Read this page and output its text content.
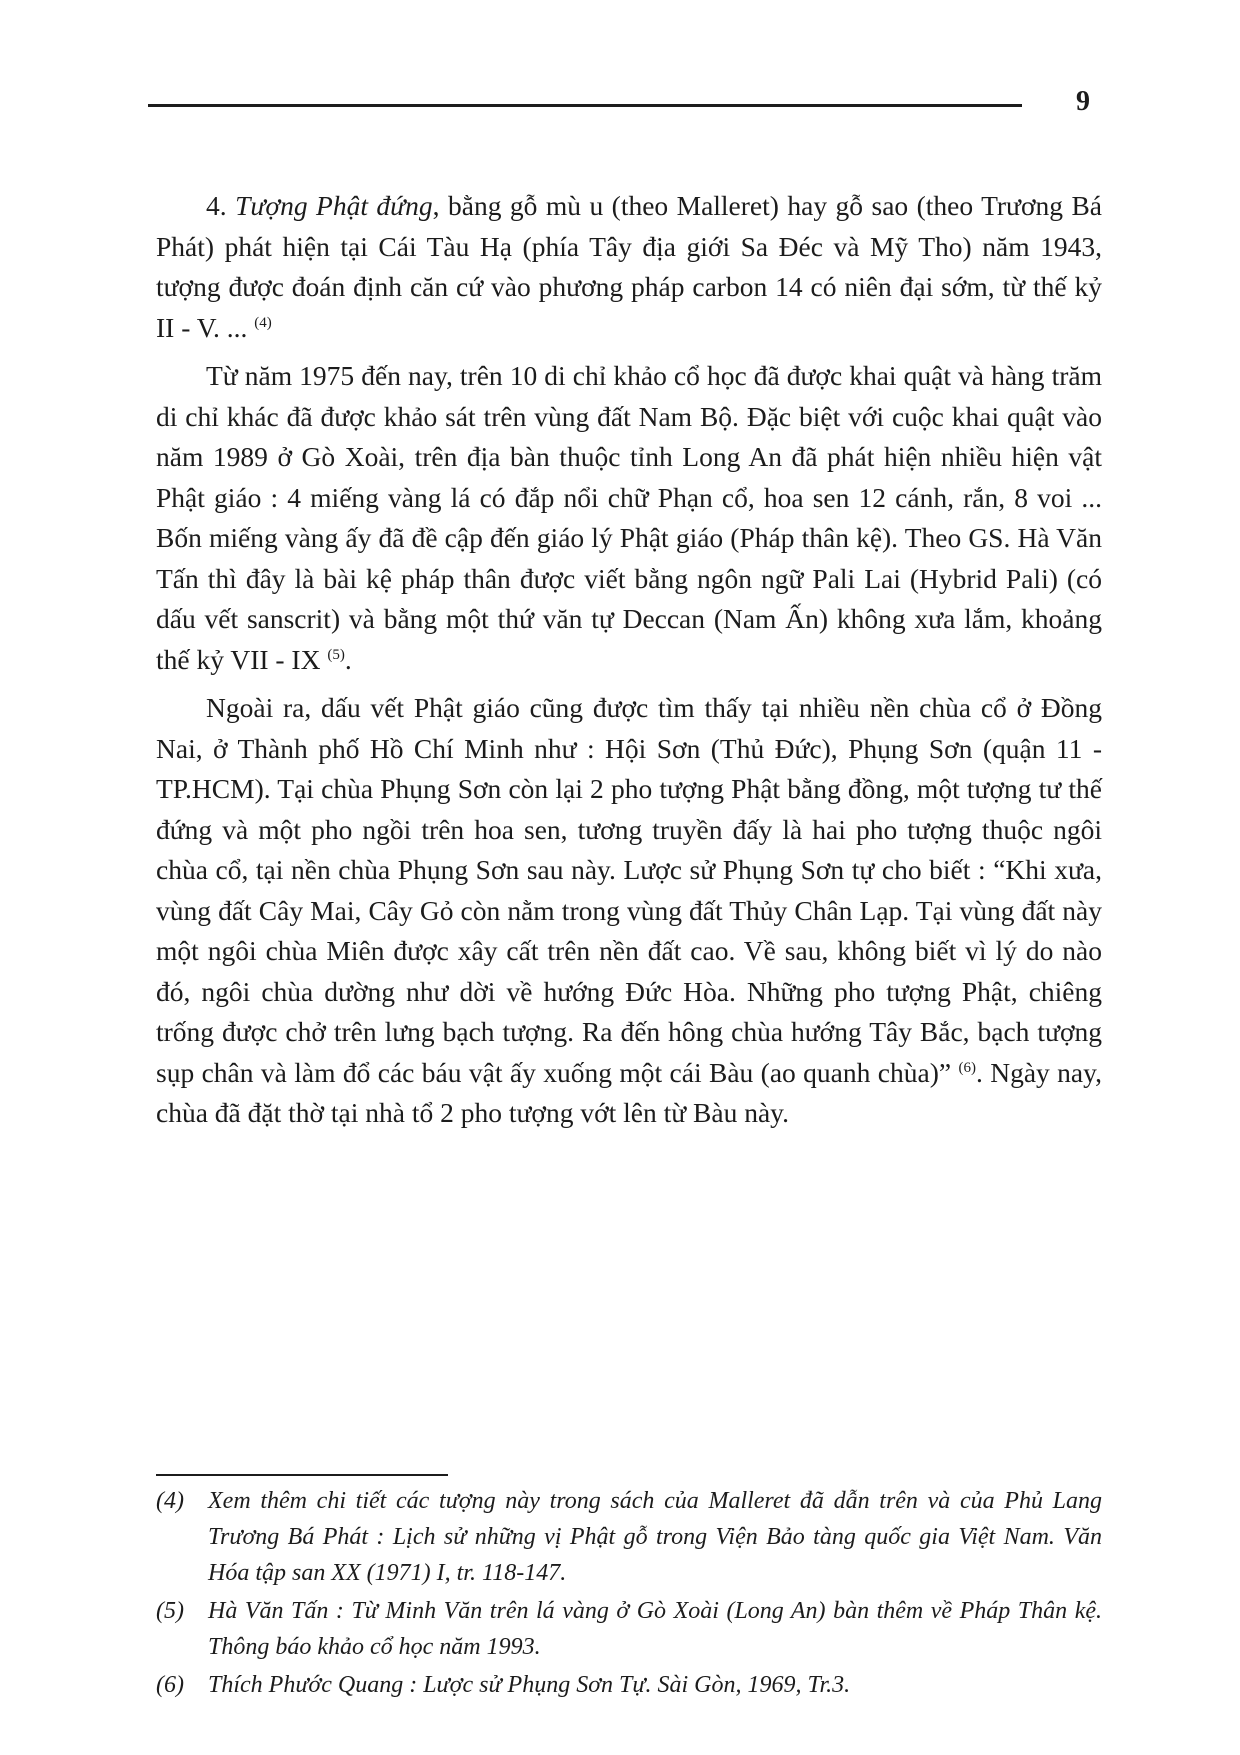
9

4. Tượng Phật đứng, bằng gỗ mù u (theo Malleret) hay gỗ sao (theo Trương Bá Phát) phát hiện tại Cái Tàu Hạ (phía Tây địa giới Sa Đéc và Mỹ Tho) năm 1943, tượng được đoán định căn cứ vào phương pháp carbon 14 có niên đại sớm, từ thế kỷ II - V. ... $^{(4)}$

Từ năm 1975 đến nay, trên 10 di chỉ khảo cổ học đã được khai quật và hàng trăm di chỉ khác đã được khảo sát trên vùng đất Nam Bộ. Đặc biệt với cuộc khai quật vào năm 1989 ở Gò Xoài, trên địa bàn thuộc tỉnh Long An đã phát hiện nhiều hiện vật Phật giáo : 4 miếng vàng lá có đắp nổi chữ Phạn cổ, hoa sen 12 cánh, rắn, 8 voi ... Bốn miếng vàng ấy đã đề cập đến giáo lý Phật giáo (Pháp thân kệ). Theo GS. Hà Văn Tấn thì đây là bài kệ pháp thân được viết bằng ngôn ngữ Pali Lai (Hybrid Pali) (có dấu vết sanscrit) và bằng một thứ văn tự Deccan (Nam Ấn) không xưa lắm, khoảng thế kỷ VII - IX $^{(5)}$.

Ngoài ra, dấu vết Phật giáo cũng được tìm thấy tại nhiều nền chùa cổ ở Đồng Nai, ở Thành phố Hồ Chí Minh như : Hội Sơn (Thủ Đức), Phụng Sơn (quận 11 - TP.HCM). Tại chùa Phụng Sơn còn lại 2 pho tượng Phật bằng đồng, một tượng tư thế đứng và một pho ngồi trên hoa sen, tương truyền đấy là hai pho tượng thuộc ngôi chùa cổ, tại nền chùa Phụng Sơn sau này. Lược sử Phụng Sơn tự cho biết : “Khi xưa, vùng đất Cây Mai, Cây Gỏ còn nằm trong vùng đất Thủy Chân Lạp. Tại vùng đất này một ngôi chùa Miên được xây cất trên nền đất cao. Về sau, không biết vì lý do nào đó, ngôi chùa dường như dời về hướng Đức Hòa. Những pho tượng Phật, chiêng trống được chở trên lưng bạch tượng. Ra đến hông chùa hướng Tây Bắc, bạch tượng sụp chân và làm đổ các báu vật ấy xuống một cái Bàu (ao quanh chùa)” $^{(6)}$. Ngày nay, chùa đã đặt thờ tại nhà tổ 2 pho tượng vớt lên từ Bàu này.

(4)	Xem thêm chi tiết các tượng này trong sách của Malleret đã dẫn trên và của Phủ Lang Trương Bá Phát : Lịch sử những vị Phật gỗ trong Viện Bảo tàng quốc gia Việt Nam. Văn Hóa tập san XX (1971) I, tr. 118-147.
(5)	Hà Văn Tấn : Từ Minh Văn trên lá vàng ở Gò Xoài (Long An) bàn thêm về Pháp Thân kệ. Thông báo khảo cổ học năm 1993.
(6)	Thích Phước Quang : Lược sử Phụng Sơn Tự. Sài Gòn, 1969, Tr.3.
